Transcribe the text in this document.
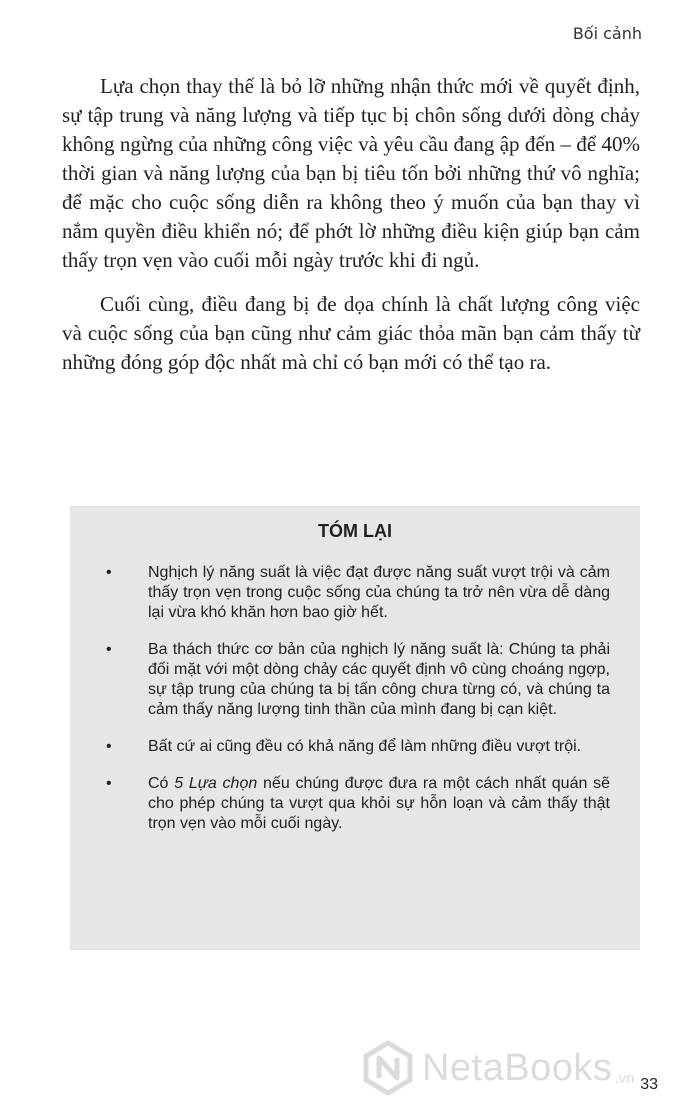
Bối cảnh

Lựa chọn thay thế là bỏ lỡ những nhận thức mới về quyết định, sự tập trung và năng lượng và tiếp tục bị chôn sống dưới dòng chảy không ngừng của những công việc và yêu cầu đang ập đến – để 40% thời gian và năng lượng của bạn bị tiêu tốn bởi những thứ vô nghĩa; để mặc cho cuộc sống diễn ra không theo ý muốn của bạn thay vì nắm quyền điều khiển nó; để phớt lờ những điều kiện giúp bạn cảm thấy trọn vẹn vào cuối mỗi ngày trước khi đi ngủ.

Cuối cùng, điều đang bị đe dọa chính là chất lượng công việc và cuộc sống của bạn cũng như cảm giác thỏa mãn bạn cảm thấy từ những đóng góp độc nhất mà chỉ có bạn mới có thể tạo ra.

TÓM LẠI
• Nghịch lý năng suất là việc đạt được năng suất vượt trội và cảm thấy trọn vẹn trong cuộc sống của chúng ta trở nên vừa dễ dàng lại vừa khó khăn hơn bao giờ hết.
• Ba thách thức cơ bản của nghịch lý năng suất là: Chúng ta phải đối mặt với một dòng chảy các quyết định vô cùng choáng ngợp, sự tập trung của chúng ta bị tấn công chưa từng có, và chúng ta cảm thấy năng lượng tinh thần của mình đang bị cạn kiệt.
• Bất cứ ai cũng đều có khả năng để làm những điều vượt trội.
• Có 5 Lựa chọn nếu chúng được đưa ra một cách nhất quán sẽ cho phép chúng ta vượt qua khỏi sự hỗn loạn và cảm thấy thật trọn vẹn vào mỗi cuối ngày.
NetaBooks .vn 33
